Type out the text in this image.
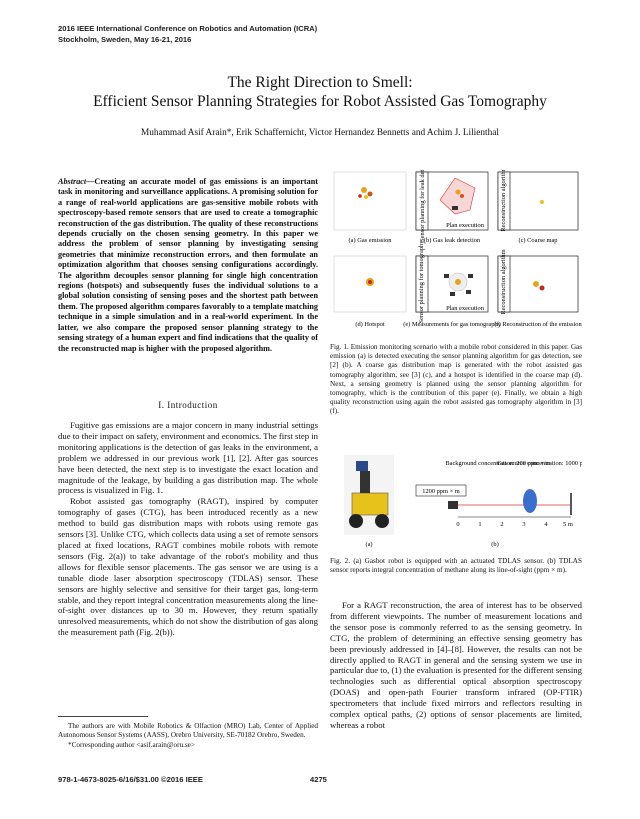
2016 IEEE International Conference on Robotics and Automation (ICRA)
Stockholm, Sweden, May 16-21, 2016
The Right Direction to Smell:
Efficient Sensor Planning Strategies for Robot Assisted Gas Tomography
Muhammad Asif Arain*, Erik Schaffernicht, Victor Hernandez Bennetts and Achim J. Lilienthal
Abstract—Creating an accurate model of gas emissions is an important task in monitoring and surveillance applications. A promising solution for a range of real-world applications are gas-sensitive mobile robots with spectroscopy-based remote sensors that are used to create a tomographic reconstruction of the gas distribution. The quality of these reconstructions depends crucially on the chosen sensing geometry. In this paper we address the problem of sensor planning by investigating sensing geometries that minimize reconstruction errors, and then formulate an optimization algorithm that chooses sensing configurations accordingly. The algorithm decouples sensor planning for single high concentration regions (hotspots) and subsequently fuses the individual solutions to a global solution consisting of sensing poses and the shortest path between them. The proposed algorithm compares favorably to a template matching technique in a simple simulation and in a real-world experiment. In the latter, we also compare the proposed sensor planning strategy to the sensing strategy of a human expert and find indications that the quality of the reconstructed map is higher with the proposed algorithm.
I. Introduction

Fugitive gas emissions are a major concern in many industrial settings due to their impact on safety, environment and economics. The first step in monitoring applications is the detection of gas leaks in the environment, a problem we addressed in our previous work [1], [2]. After gas sources have been detected, the next step is to investigate the exact location and magnitude of the leakage, by building a gas distribution map. The whole process is visualized in Fig. 1.

Robot assisted gas tomography (RAGT), inspired by computer tomography of gases (CTG), has been introduced recently as a new method to build gas distribution maps with robots using remote gas sensors [3]. Unlike CTG, which collects data using a set of remote sensors placed at fixed locations, RAGT combines mobile robots with remote sensors (Fig. 2(a)) to take advantage of the robot's mobility and thus allows for flexible sensor placements. The gas sensor we are using is a tunable diode laser absorption spectroscopy (TDLAS) sensor. These sensors are highly selective and sensitive for their target gas, long-term stable, and they report integral concentration measurements along the line-of-sight over distances up to 30 m. However, they return spatially unresolved measurements, which do not show the distribution of gas along the measurement path (Fig. 2(b)).

The authors are with Mobile Robotics & Olfaction (MRO) Lab, Center of Applied Autonomous Sensor Systems (AASS), Orebro University, SE-70182 Orebro, Sweden.
*Corresponding author <asif.arain@oru.se>
978-1-4673-8025-6/16/$31.00 ©2016 IEEE	4275
Sensor planning for leak detection	Reconstruction algorithm
Sensor planning for tomography	Reconstruction algorithm
Plan execution
Plan execution
(a) Gas emission	(b) Gas leak detection	(c) Coarse map
(d) Hotspot	(e) Measurements for gas tomography
(f) Reconstruction of the emission
Fig. 1. Emission monitoring scenario with a mobile robot considered in this paper. Gas emission (a) is detected executing the sensor planning algorithm for gas detection, see [2] (b). A coarse gas distribution map is generated with the robot assisted gas tomography algorithm, see [3] (c), and a hotspot is identified in the coarse map (d). Next, a sensing geometry is planned using the sensor planning algorithm for tomography, which is the contribution of this paper (e). Finally, we obtain a high quality reconstruction using again the robot assisted gas tomography algorithm in [3] (f).
(a)
Background concentration: 200 ppm × m
Gas source concentration: 1000 p
1200 ppm × m
0	1	2	3	4 5 m
(b)
Fig. 2. (a) Gasbot robot is equipped with an actuated TDLAS sensor. (b) TDLAS sensor reports integral concentration of methane along its line-of-sight (ppm × m).

For a RAGT reconstruction, the area of interest has to be observed from different viewpoints. The number of measurement locations and the sensor pose is commonly referred to as the sensing geometry. In CTG, the problem of determining an effective sensing geometry has been previously addressed in [4]–[8]. However, the results can not be directly applied to RAGT in general and the sensing system we use in particular due to, (1) the evaluation is presented for the different sensing technologies such as differential optical absorption spectroscopy (DOAS) and open-path Fourier transform infrared (OP-FTIR) spectrometers that include fixed mirrors and reflectors resulting in complex optical paths, (2) options of sensor placements are limited, whereas a robot
